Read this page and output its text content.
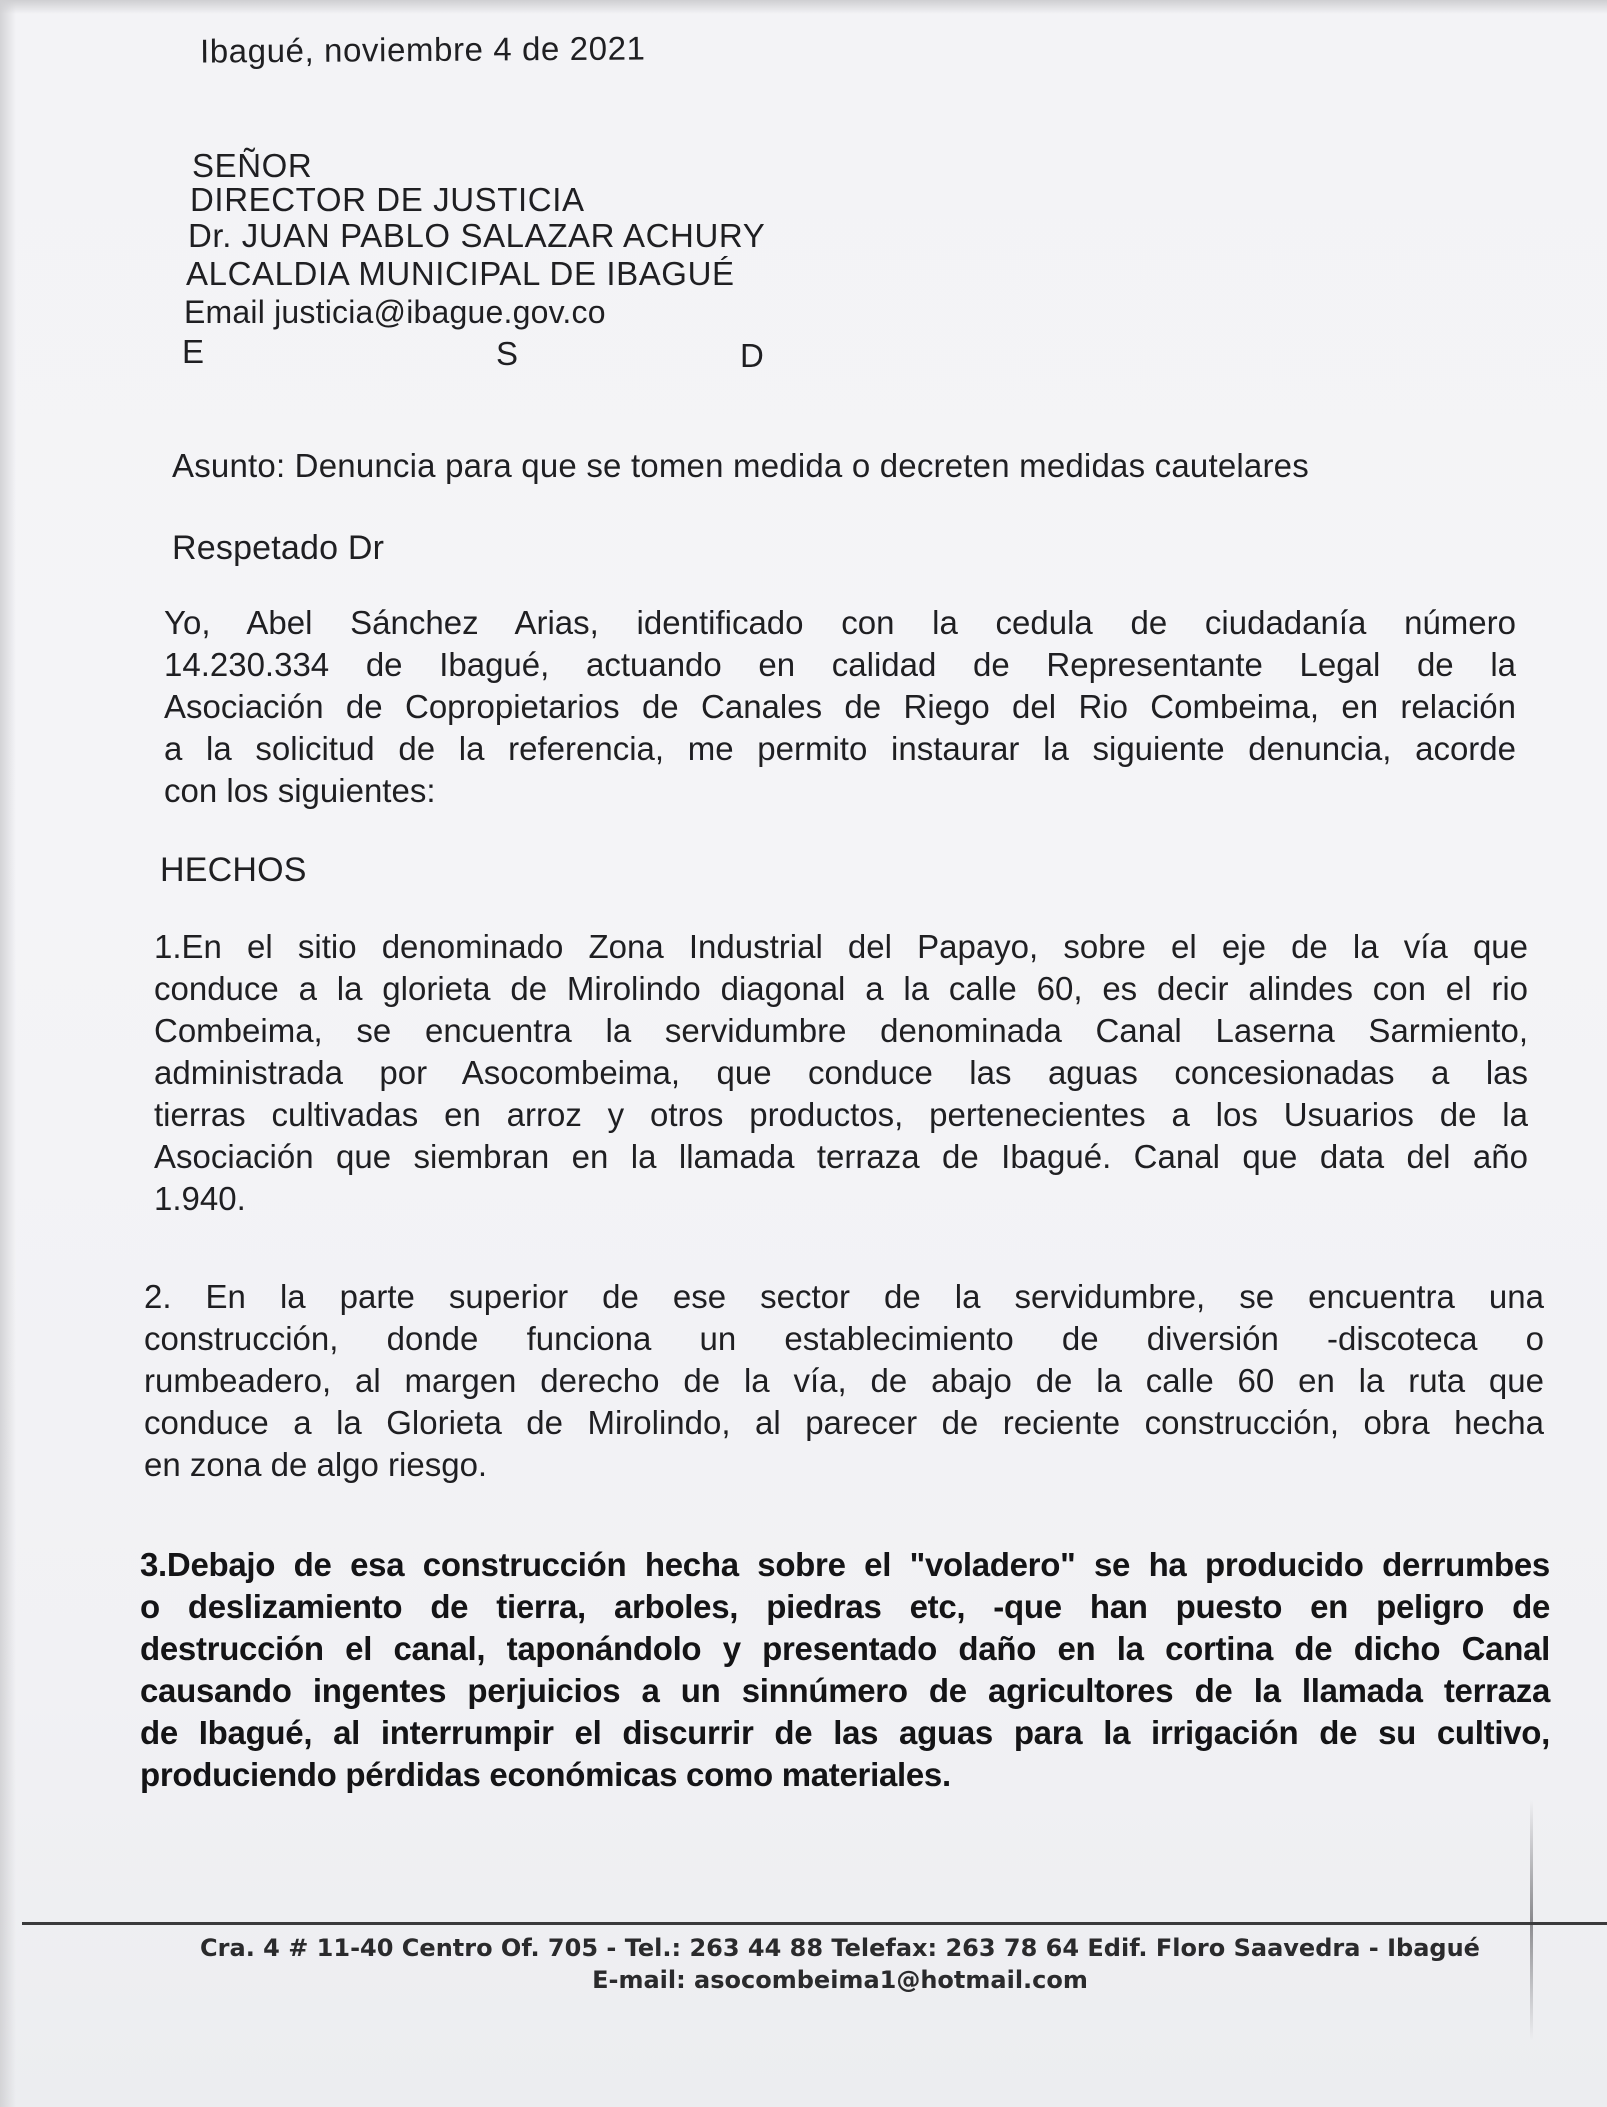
Ibagué, noviembre 4 de 2021

SEÑOR

DIRECTOR DE JUSTICIA

Dr. JUAN PABLO SALAZAR ACHURY

ALCALDIA MUNICIPAL DE IBAGUÉ

Email justicia@ibague.gov.co

E	S	D

Asunto: Denuncia para que se tomen medida o decreten medidas cautelares

Respetado Dr

Yo, Abel Sánchez Arias, identificado con la cedula de ciudadanía número
14.230.334 de Ibagué, actuando en calidad de Representante Legal de la
Asociación de Copropietarios de Canales de Riego del Rio Combeima, en relación
a la solicitud de la referencia, me permito instaurar la siguiente denuncia, acorde
con los siguientes:

HECHOS

1.En el sitio denominado Zona Industrial del Papayo, sobre el eje de la vía que
conduce a la glorieta de Mirolindo diagonal a la calle 60, es decir alindes con el rio
Combeima, se encuentra la servidumbre denominada Canal Laserna Sarmiento,
administrada por Asocombeima, que conduce las aguas concesionadas a las
tierras cultivadas en arroz y otros productos, pertenecientes a los Usuarios de la
Asociación que siembran en la llamada terraza de Ibagué. Canal que data del año
1.940.
2. En la parte superior de ese sector de la servidumbre, se encuentra una
construcción, donde funciona un establecimiento de diversión -discoteca o
rumbeadero, al margen derecho de la vía, de abajo de la calle 60 en la ruta que
conduce a la Glorieta de Mirolindo, al parecer de reciente construcción, obra hecha
en zona de algo riesgo.
3.Debajo de esa construcción hecha sobre el "voladero" se ha producido derrumbes
o deslizamiento de tierra, arboles, piedras etc, -que han puesto en peligro de
destrucción el canal, taponándolo y presentado daño en la cortina de dicho Canal
causando ingentes perjuicios a un sinnúmero de agricultores de la llamada terraza
de Ibagué, al interrumpir el discurrir de las aguas para la irrigación de su cultivo,
produciendo pérdidas económicas como materiales.
Cra. 4 # 11-40 Centro Of. 705 - Tel.: 263 44 88 Telefax: 263 78 64 Edif. Floro Saavedra - Ibagué
E-mail: asocombeima1@hotmail.com
